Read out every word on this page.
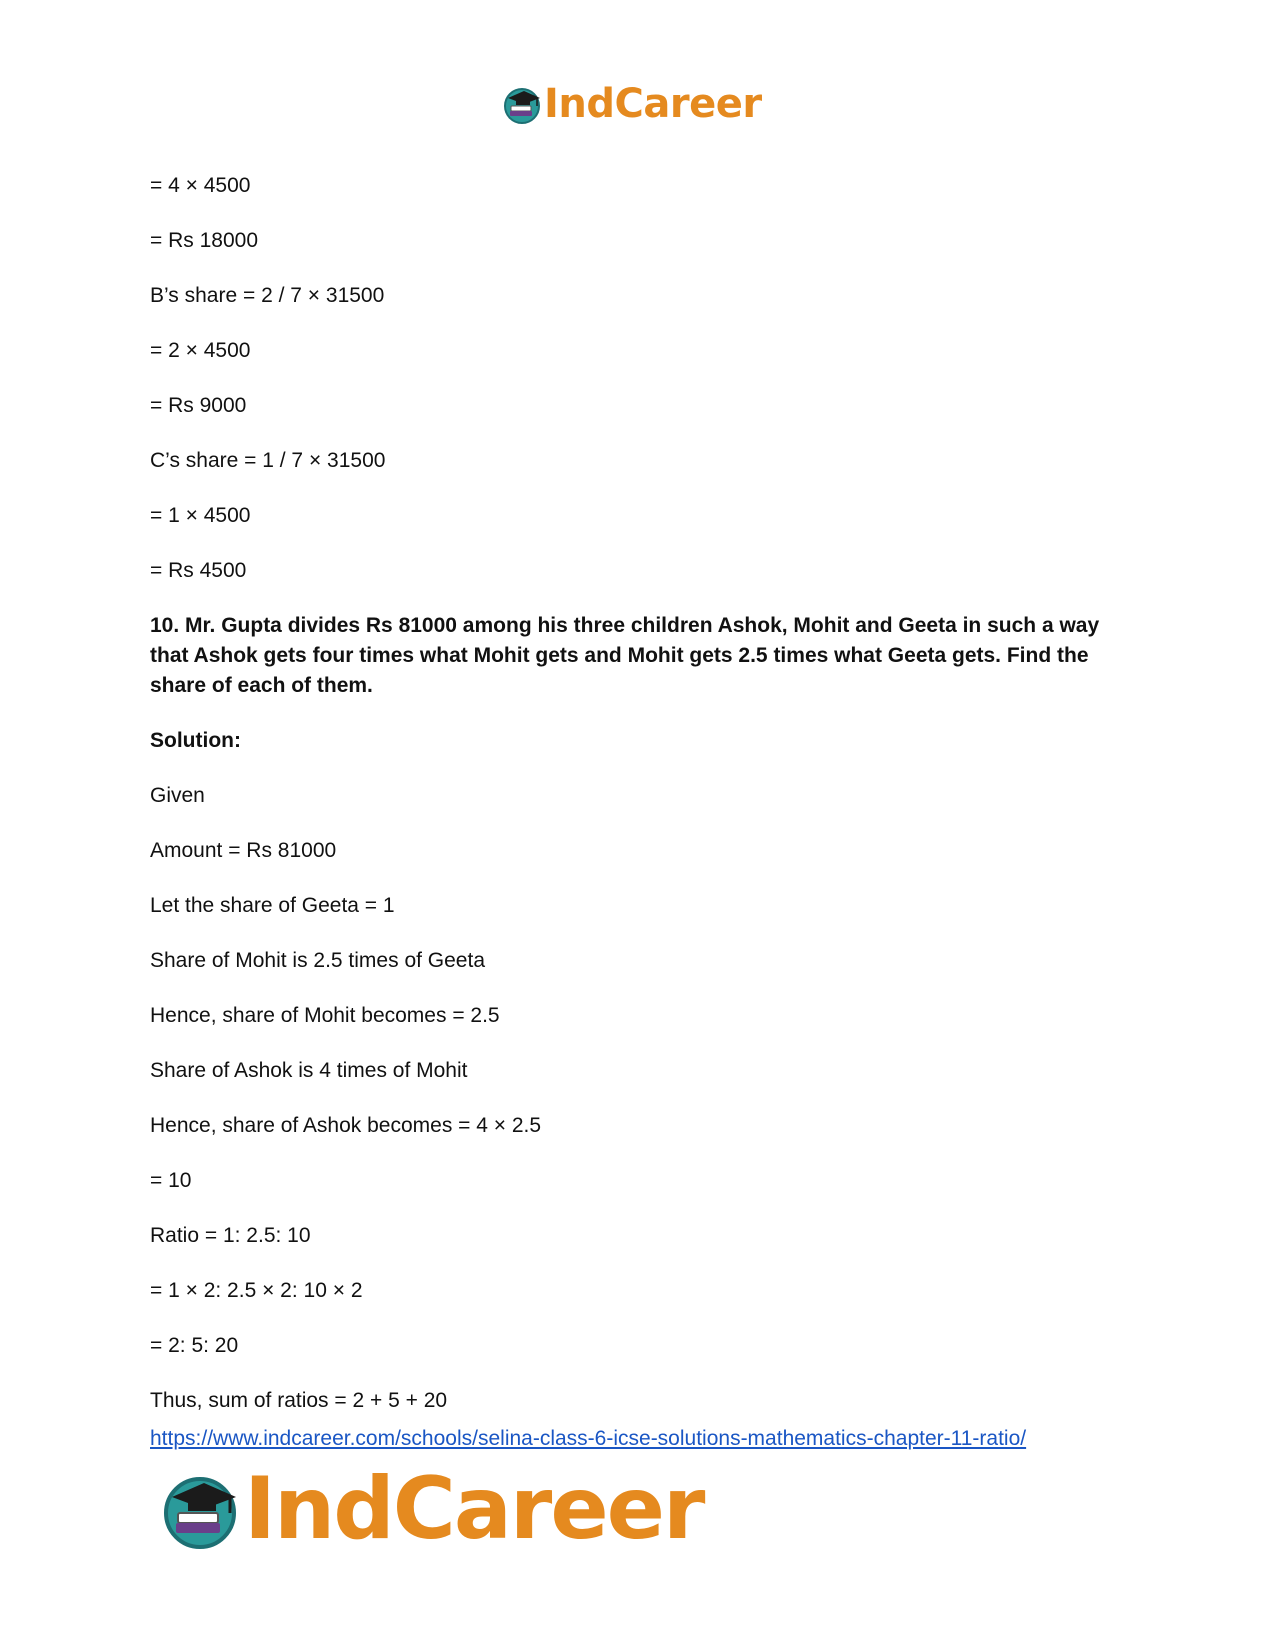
IndCareer

= 4 × 4500

= Rs 18000

B’s share = 2 / 7 × 31500

= 2 × 4500

= Rs 9000

C’s share = 1 / 7 × 31500

= 1 × 4500

= Rs 4500

10. Mr. Gupta divides Rs 81000 among his three children Ashok, Mohit and Geeta in such a way that Ashok gets four times what Mohit gets and Mohit gets 2.5 times what Geeta gets. Find the share of each of them.

Solution:

Given

Amount = Rs 81000

Let the share of Geeta = 1

Share of Mohit is 2.5 times of Geeta

Hence, share of Mohit becomes = 2.5

Share of Ashok is 4 times of Mohit

Hence, share of Ashok becomes = 4 × 2.5

= 10

Ratio = 1: 2.5: 10

= 1 × 2: 2.5 × 2: 10 × 2

= 2: 5: 20

Thus, sum of ratios = 2 + 5 + 20

https://www.indcareer.com/schools/selina-class-6-icse-solutions-mathematics-chapter-11-ratio/
IndCareer
